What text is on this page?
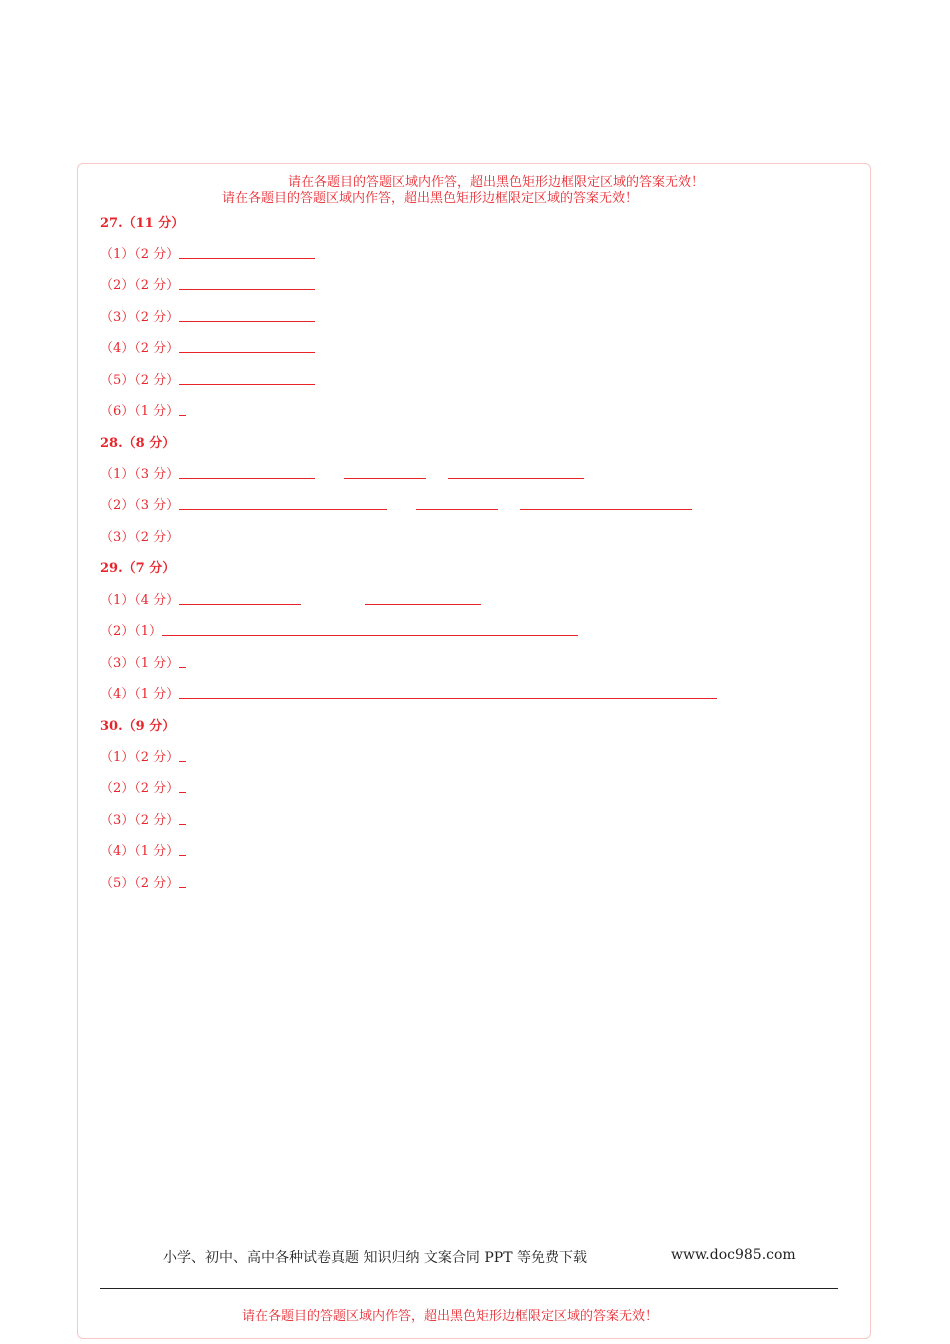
请在各题目的答题区域内作答，超出黑色矩形边框限定区域的答案无效！
请在各题目的答题区域内作答，超出黑色矩形边框限定区域的答案无效！
27.（11 分）
（1）（2 分）
（2）（2 分）
（3）（2 分）
（4）（2 分）
（5）（2 分）
（6）（1 分）
28.（8 分）
（1）（3 分）
（2）（3 分）
（3）（2 分）
29.（7 分）
（1）（4 分）
（2）（1）
（3）（1 分）
（4）（1 分）
30.（9 分）
（1）（2 分）
（2）（2 分）
（3）（2 分）
（4）（1 分）
（5）（2 分）
小学、初中、高中各种试卷真题 知识归纳 文案合同 PPT 等免费下载	www.doc985.com
请在各题目的答题区域内作答，超出黑色矩形边框限定区域的答案无效！
